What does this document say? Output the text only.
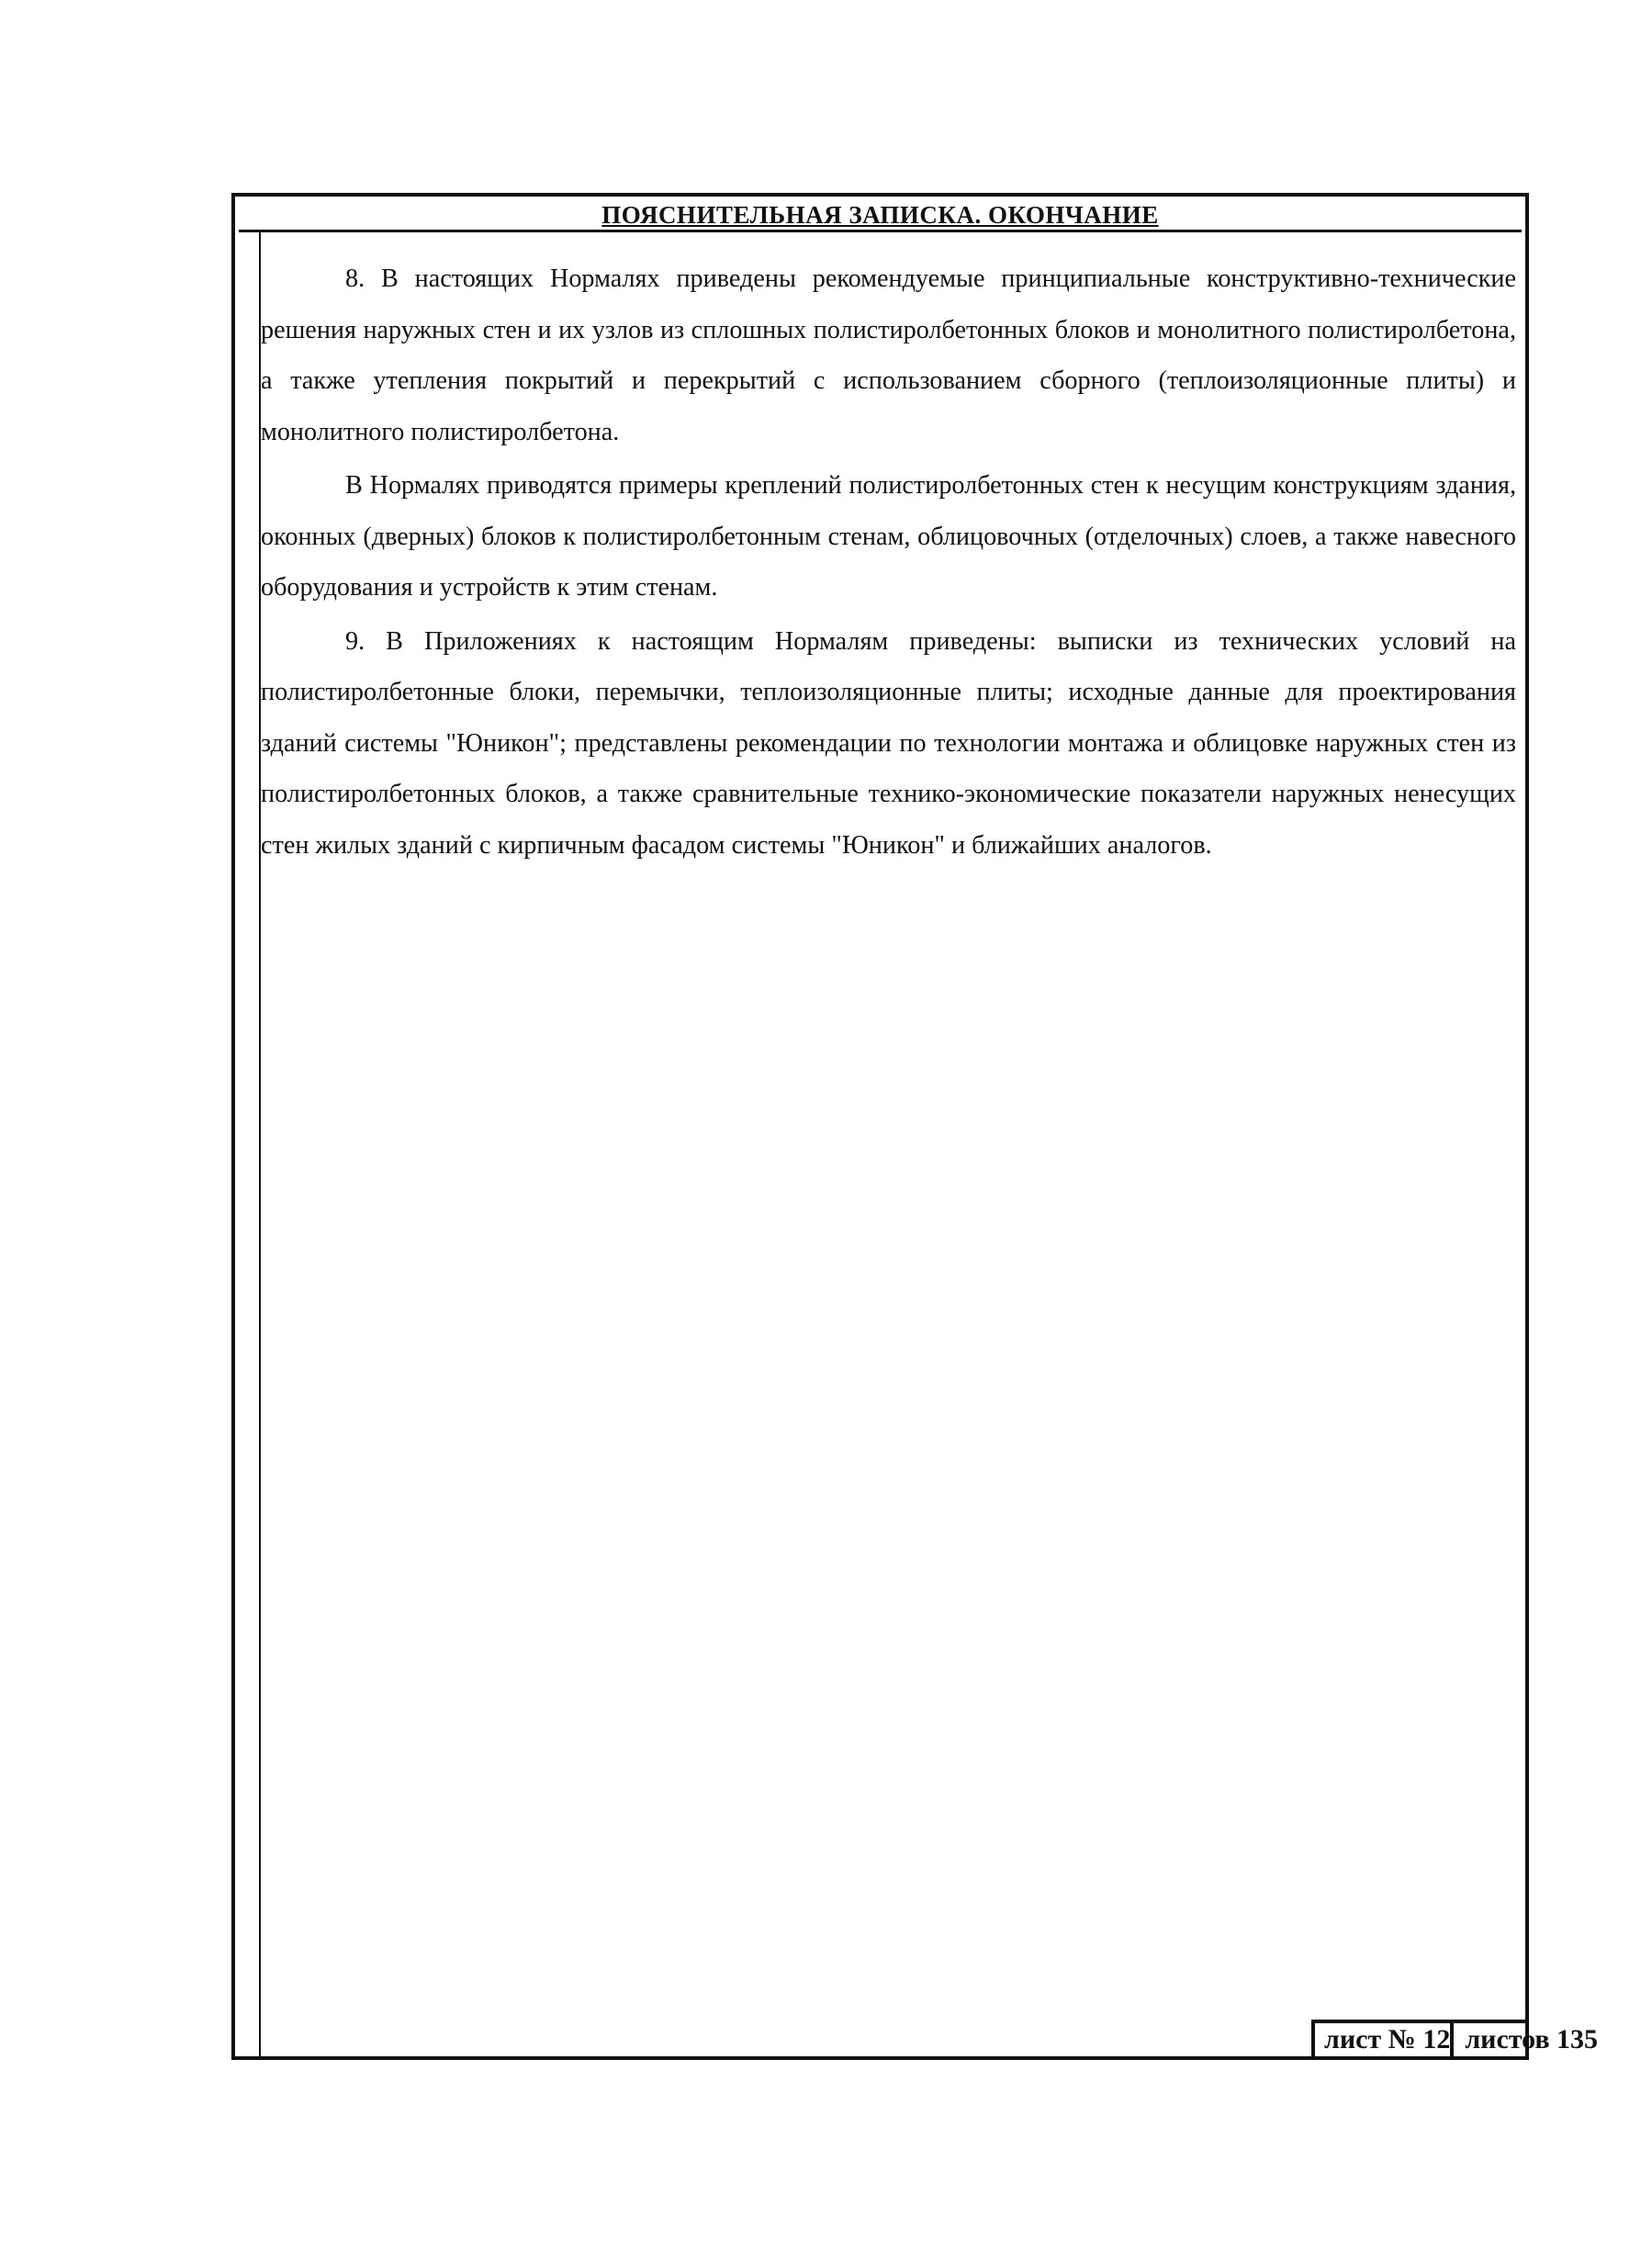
ПОЯСНИТЕЛЬНАЯ ЗАПИСКА. ОКОНЧАНИЕ

8. В настоящих Нормалях приведены рекомендуемые принципиальные конструктивно-технические решения наружных стен и их узлов из сплошных полистиролбетонных блоков и монолитного полистиролбетона, а также утепления покрытий и перекрытий с использованием сборного (теплоизоляционные плиты) и монолитного полистиролбетона.

В Нормалях приводятся примеры креплений полистиролбетонных стен к несущим конструкциям здания, оконных (дверных) блоков к полистиролбетонным стенам, облицовочных (отделочных) слоев, а также навесного оборудования и устройств к этим стенам.

9. В Приложениях к настоящим Нормалям приведены: выписки из технических условий на полистиролбетонные блоки, перемычки, теплоизоляционные плиты; исходные данные для проектирования зданий системы "Юникон"; представлены рекомендации по технологии монтажа и облицовке наружных стен из полистиролбетонных блоков, а также сравнительные технико-экономические показатели наружных ненесущих стен жилых зданий с кирпичным фасадом системы "Юникон" и ближайших аналогов.

лист № 12 листов 135
